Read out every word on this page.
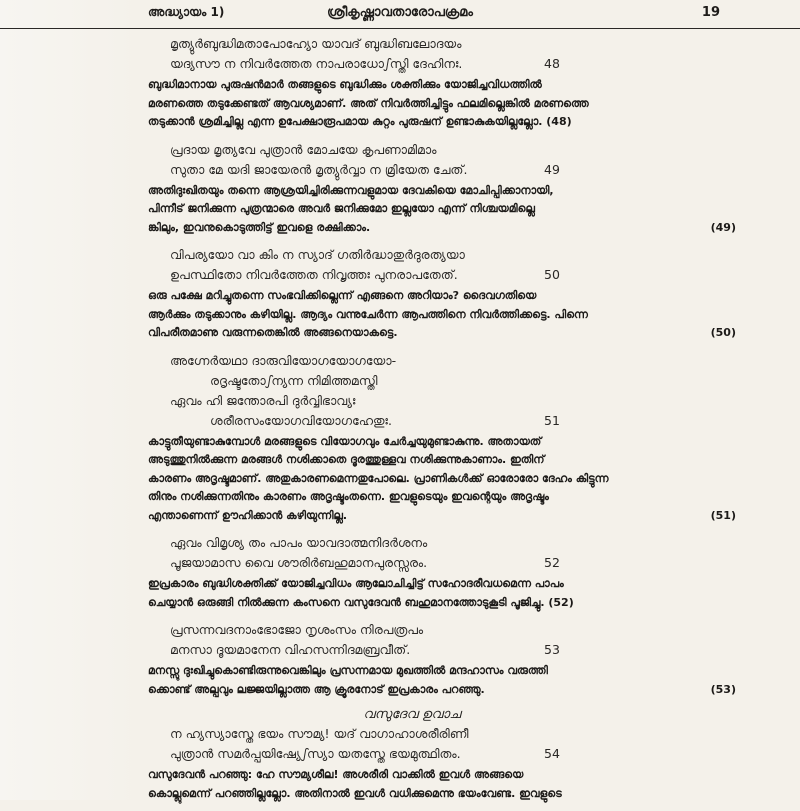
അദ്ധ്യായം 1)	ശ്രീകൃഷ്ണാവതാരോപക്രമം	19
മൃത്യുർബുദ്ധിമതാപോഹ്യോ യാവദ് ബുദ്ധിബലോദയം
യദ്യസൗ ന നിവർത്തേത നാപരാധോഽസ്തി ദേഹിനഃ.	48
ബുദ്ധിമാനായ പുരുഷൻമാർ തങ്ങളുടെ ബുദ്ധിക്കും ശക്തിക്കും യോജിച്ചവിധത്തിൽ
മരണത്തെ തടുക്കേണ്ടത് ആവശ്യമാണ്. അത് നിവർത്തിച്ചിട്ടും ഫലമില്ലെങ്കിൽ മരണത്തെ
തടുക്കാൻ ശ്രമിച്ചില്ല എന്ന ഉപേക്ഷാരൂപമായ കുറ്റം പുരുഷന് ഉണ്ടാകുകയില്ലല്ലോ. (48)
പ്രദായ മൃത്യവേ പുത്രാൻ മോചയേ കൃപണാമിമാം
സുതാ മേ യദി ജായേരൻ മൃത്യുർവ്വാ ന മ്രിയേത ചേത്.	49
അതിദുഃഖിതയും തന്നെ ആശ്രയിച്ചിരിക്കുന്നവളുമായ ദേവകിയെ മോചിപ്പിക്കാനായി,
പിന്നീട് ജനിക്കുന്ന പുത്രന്മാരെ അവർ ജനിക്കുമോ ഇല്ലയോ എന്ന് നിശ്ചയമില്ലെ
ങ്കിലും, ഇവനുകൊടുത്തിട്ട് ഇവളെ രക്ഷിക്കാം.	(49)
വിപര്യയോ വാ കിം ന സ്യാദ് ഗതിർദ്ധാതുർദുരത്യയാ
ഉപസ്ഥിതോ നിവർത്തേത നിവൃത്തഃ പുനരാപതേത്.	50
ഒരു പക്ഷേ മറിച്ചുതന്നെ സംഭവിക്കില്ലെന്ന് എങ്ങനെ അറിയാം? ദൈവഗതിയെ
ആർക്കും തടുക്കാനും കഴിയില്ല. ആദ്യം വന്നുചേർന്ന ആപത്തിനെ നിവർത്തിക്കട്ടെ. പിന്നെ
വിപരീതമാണു വരുന്നതെങ്കിൽ അങ്ങനെയാകട്ടെ.	(50)
അഗ്നേർയഥാ ദാരുവിയോഗയോഗയോ-
രദൃഷ്ടതോഽന്യന്ന നിമിത്തമസ്തി
ഏവം ഹി ജന്തോരപി ദുർവ്വിഭാവ്യഃ
ശരീരസംയോഗവിയോഗഹേതുഃ.	51
കാട്ടുതീയുണ്ടാകുമ്പോൾ മരങ്ങളുടെ വിയോഗവും ചേർച്ചയുമുണ്ടാകുന്നു. അതായത്
അടുത്തുനിൽക്കുന്ന മരങ്ങൾ നശിക്കാതെ ദൂരത്തുള്ളവ നശിക്കുന്നുകാണാം. ഇതിന്
കാരണം അദൃഷ്ടമാണ്. അതുകാരണമെന്നതുപോലെ. പ്രാണികൾക്ക് ഓരോരോ ദേഹം കിട്ടുന്ന
തിനും നശിക്കുന്നതിനും കാരണം അദൃഷ്ടംതന്നെ. ഇവളുടെയും ഇവന്റെയും അദൃഷ്ടം
എന്താണെന്ന് ഊഹിക്കാൻ കഴിയുന്നില്ല.	(51)
ഏവം വിമൃശ്യ തം പാപം യാവദാത്മനിദർശനം
പൂജയാമാസ വൈ ശൗരിർബഹുമാനപുരസ്സരം.	52
ഇപ്രകാരം ബുദ്ധിശക്തിക്ക് യോജിച്ചവിധം ആലോചിച്ചിട്ട് സഹോദരീവധമെന്ന പാപം
ചെയ്യാൻ ഒരുങ്ങി നിൽക്കുന്ന കംസനെ വസുദേവൻ ബഹുമാനത്തോടുകൂടി പൂജിച്ചു. (52)
പ്രസന്നവദനാംഭോജോ നൃശംസം നിരപത്രപം
മനസാ ദൂയമാനേന വിഹസന്നിദമബ്രവീത്.	53
മനസ്സു ദുഃഖിച്ചുകൊണ്ടിരുന്നുവെങ്കിലും പ്രസന്നമായ മുഖത്തിൽ മന്ദഹാസം വരുത്തി
ക്കൊണ്ട് അല്പവും ലജ്ജയില്ലാത്ത ആ ക്രൂരനോട് ഇപ്രകാരം പറഞ്ഞു.	(53)
വസുദേവ ഉവാച
ന ഹ്യസ്യാസ്തേ ഭയം സൗമ്യ! യദ് വാഗാഹാശരീരിണീ
പുത്രാൻ സമർപ്പയിഷ്യേഽസ്യാ യതസ്തേ ഭയമുത്ഥിതം.	54
വസുദേവൻ പറഞ്ഞു: ഹേ സൗമ്യശീല! അശരീരി വാക്കിൽ ഇവൾ അങ്ങയെ
കൊല്ലുമെന്ന് പറഞ്ഞില്ലല്ലോ. അതിനാൽ ഇവൾ വധിക്കുമെന്നു ഭയംവേണ്ട. ഇവളുടെ
